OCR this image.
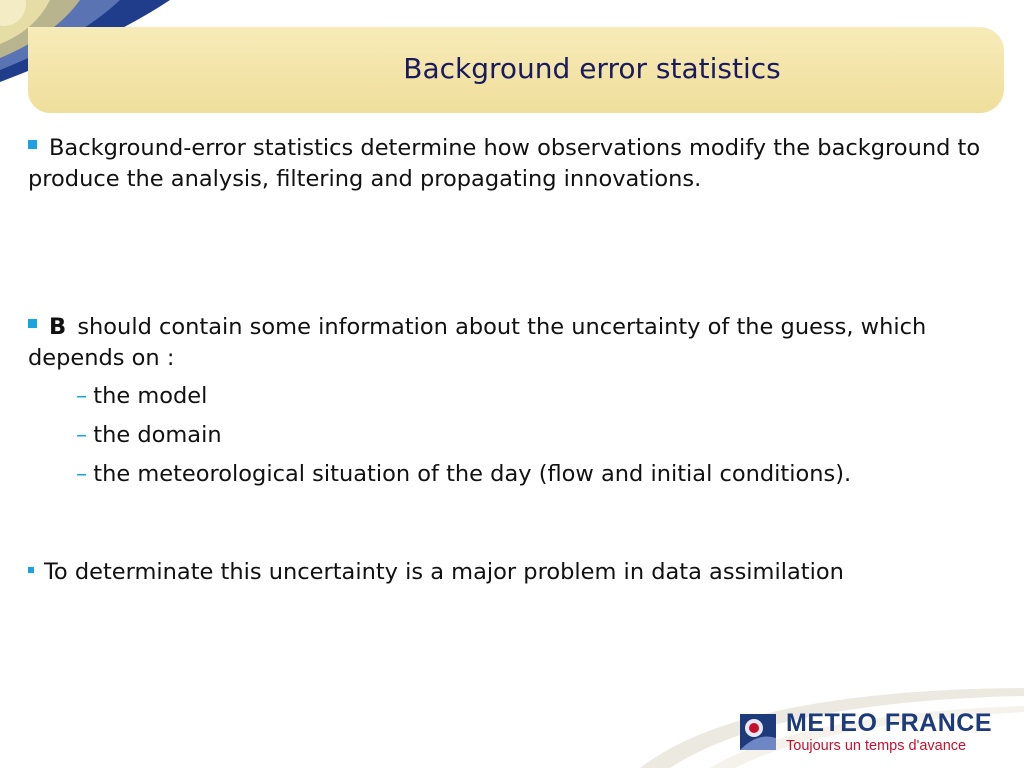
Background error statistics

Background-error statistics determine how observations modify the background to produce the analysis, filtering and propagating innovations.

B should contain some information about the uncertainty of the guess, which depends on :

– the model
– the domain
– the meteorological situation of the day (flow and initial conditions).

To determinate this uncertainty is a major problem in data assimilation

METEO FRANCE
Toujours un temps d'avance
